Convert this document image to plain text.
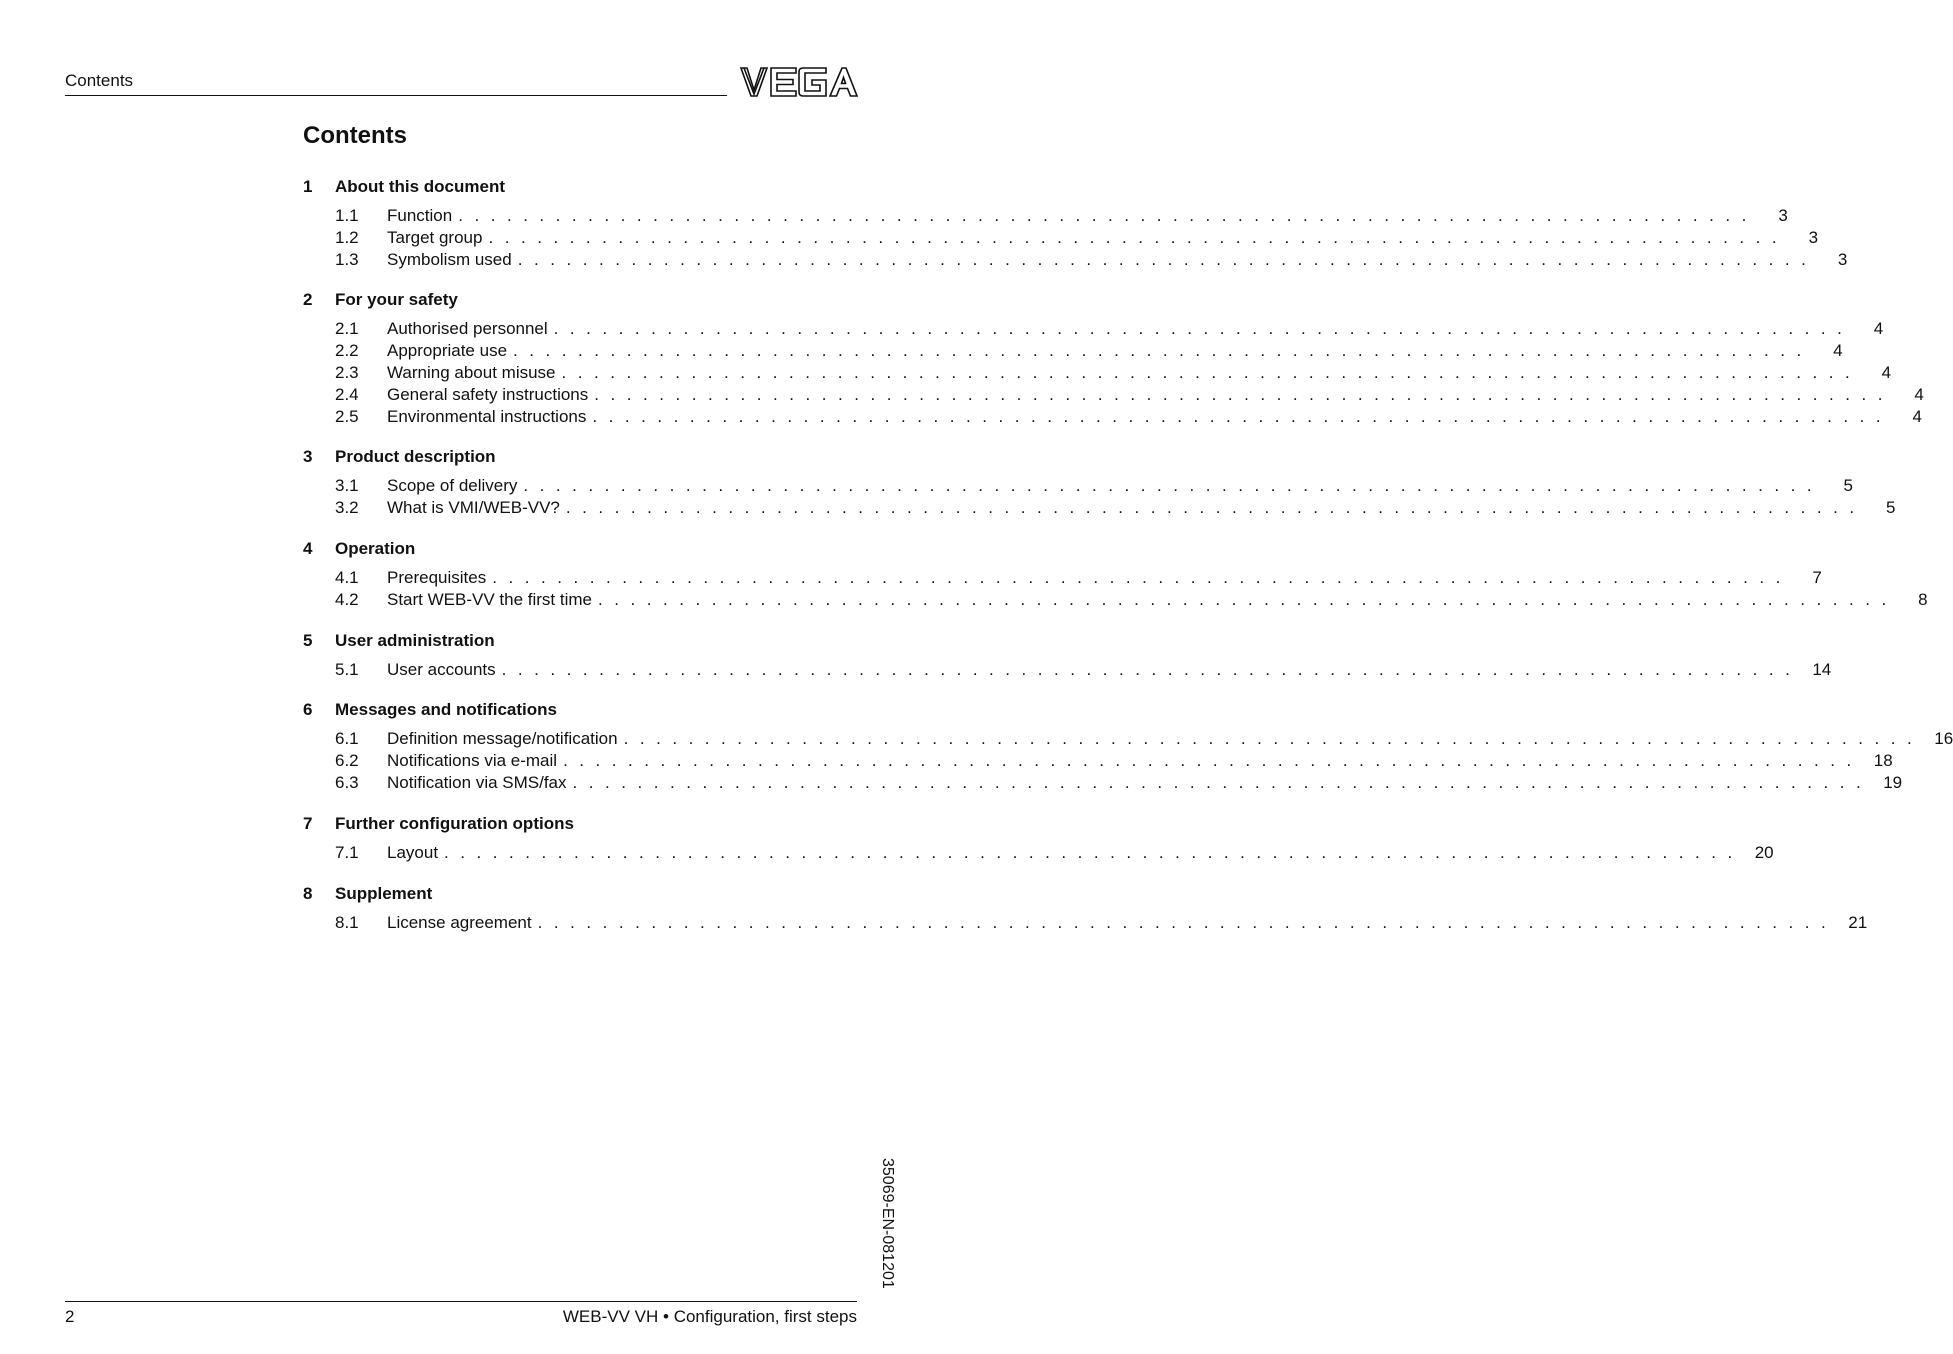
Contents
Contents
1	About this document
1.1	Function . . . . . . . . . . . . . . . . . . . . . . . . . . . . . . . . . . . . . . . . . . . . . . . . . . . . . . . . . . . . . . . . . . . . . . . . . . . . . . . .	3
1.2	Target group . . . . . . . . . . . . . . . . . . . . . . . . . . . . . . . . . . . . . . . . . . . . . . . . . . . . . . . . . . . . . . . . . . . . . . . . . . . . . . . .	3
1.3	Symbolism used . . . . . . . . . . . . . . . . . . . . . . . . . . . . . . . . . . . . . . . . . . . . . . . . . . . . . . . . . . . . . . . . . . . . . . . . . . . . . . . .	3
2	For your safety
2.1	Authorised personnel . . . . . . . . . . . . . . . . . . . . . . . . . . . . . . . . . . . . . . . . . . . . . . . . . . . . . . . . . . . . . . . . . . . . . . . . . . . . . . . .	4
2.2	Appropriate use . . . . . . . . . . . . . . . . . . . . . . . . . . . . . . . . . . . . . . . . . . . . . . . . . . . . . . . . . . . . . . . . . . . . . . . . . . . . . . . .	4
2.3	Warning about misuse . . . . . . . . . . . . . . . . . . . . . . . . . . . . . . . . . . . . . . . . . . . . . . . . . . . . . . . . . . . . . . . . . . . . . . . . . . . . . . . .	4
2.4	General safety instructions . . . . . . . . . . . . . . . . . . . . . . . . . . . . . . . . . . . . . . . . . . . . . . . . . . . . . . . . . . . . . . . . . . . . . . . . . . . . . . . .	4
2.5	Environmental instructions . . . . . . . . . . . . . . . . . . . . . . . . . . . . . . . . . . . . . . . . . . . . . . . . . . . . . . . . . . . . . . . . . . . . . . . . . . . . . . . .	4
3	Product description
3.1	Scope of delivery . . . . . . . . . . . . . . . . . . . . . . . . . . . . . . . . . . . . . . . . . . . . . . . . . . . . . . . . . . . . . . . . . . . . . . . . . . . . . . . .	5
3.2	What is VMI/WEB-VV? . . . . . . . . . . . . . . . . . . . . . . . . . . . . . . . . . . . . . . . . . . . . . . . . . . . . . . . . . . . . . . . . . . . . . . . . . . . . . . . .	5
4	Operation
4.1	Prerequisites . . . . . . . . . . . . . . . . . . . . . . . . . . . . . . . . . . . . . . . . . . . . . . . . . . . . . . . . . . . . . . . . . . . . . . . . . . . . . . . .	7
4.2	Start WEB-VV the first time . . . . . . . . . . . . . . . . . . . . . . . . . . . . . . . . . . . . . . . . . . . . . . . . . . . . . . . . . . . . . . . . . . . . . . . . . . . . . . . .	8
5	User administration
5.1	User accounts . . . . . . . . . . . . . . . . . . . . . . . . . . . . . . . . . . . . . . . . . . . . . . . . . . . . . . . . . . . . . . . . . . . . . . . . . . . . . . . .	14
6	Messages and notifications
6.1	Definition message/notification . . . . . . . . . . . . . . . . . . . . . . . . . . . . . . . . . . . . . . . . . . . . . . . . . . . . . . . . . . . . . . . . . . . . . . . . . . . . . . . .	16
6.2	Notifications via e-mail . . . . . . . . . . . . . . . . . . . . . . . . . . . . . . . . . . . . . . . . . . . . . . . . . . . . . . . . . . . . . . . . . . . . . . . . . . . . . . . .	18
6.3	Notification via SMS/fax . . . . . . . . . . . . . . . . . . . . . . . . . . . . . . . . . . . . . . . . . . . . . . . . . . . . . . . . . . . . . . . . . . . . . . . . . . . . . . . .	19
7	Further configuration options
7.1	Layout . . . . . . . . . . . . . . . . . . . . . . . . . . . . . . . . . . . . . . . . . . . . . . . . . . . . . . . . . . . . . . . . . . . . . . . . . . . . . . . .	20
8	Supplement
8.1	License agreement . . . . . . . . . . . . . . . . . . . . . . . . . . . . . . . . . . . . . . . . . . . . . . . . . . . . . . . . . . . . . . . . . . . . . . . . . . . . . . . .	21
35069-EN-081201
2	WEB-VV VH • Configuration, first steps
